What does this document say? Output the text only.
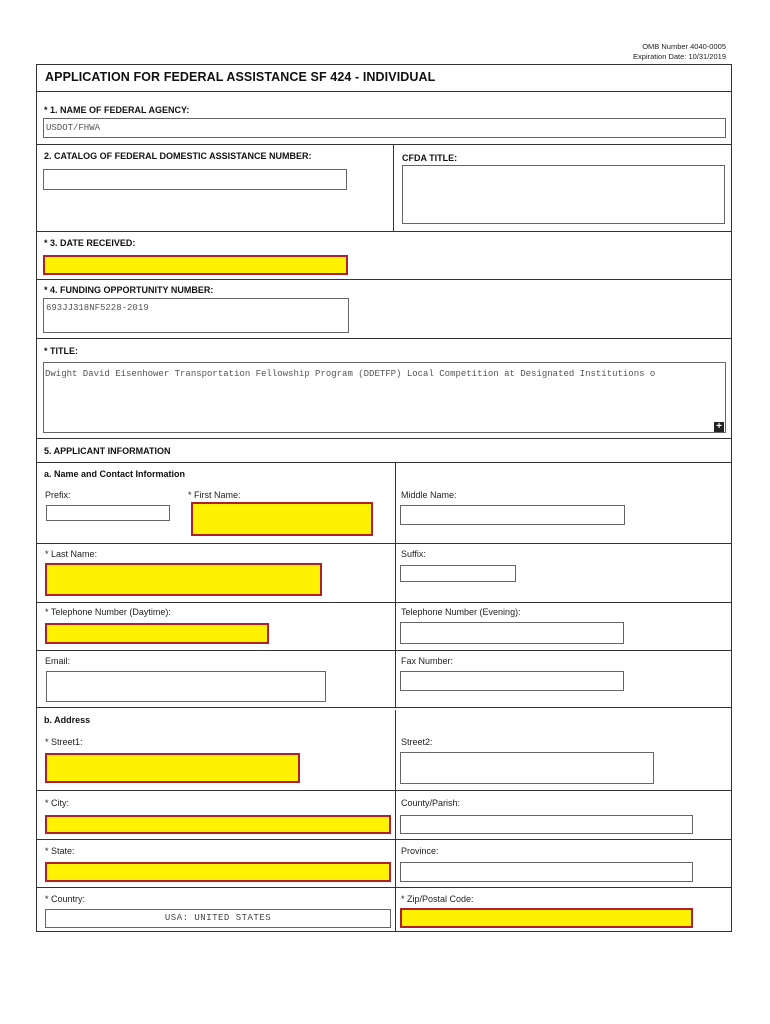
OMB Number 4040-0005
Expiration Date: 10/31/2019
APPLICATION FOR FEDERAL ASSISTANCE SF 424 - INDIVIDUAL
* 1. NAME OF FEDERAL AGENCY:
USDOT/FHWA
2. CATALOG OF FEDERAL DOMESTIC ASSISTANCE NUMBER:	CFDA TITLE:
* 3. DATE RECEIVED:
* 4. FUNDING OPPORTUNITY NUMBER:
693JJ318NF5228-2019
* TITLE:
Dwight David Eisenhower Transportation Fellowship Program (DDETFP) Local Competition at Designated Institutions o
+
5. APPLICANT INFORMATION
a. Name and Contact Information
Prefix:	* First Name:	Middle Name:
* Last Name:	Suffix:
* Telephone Number (Daytime):	Telephone Number (Evening):
Email:	Fax Number:
b. Address
* Street1:	Street2:
* City:	County/Parish:
* State:	Province:
* Country:
USA: UNITED STATES
* Zip/Postal Code:
